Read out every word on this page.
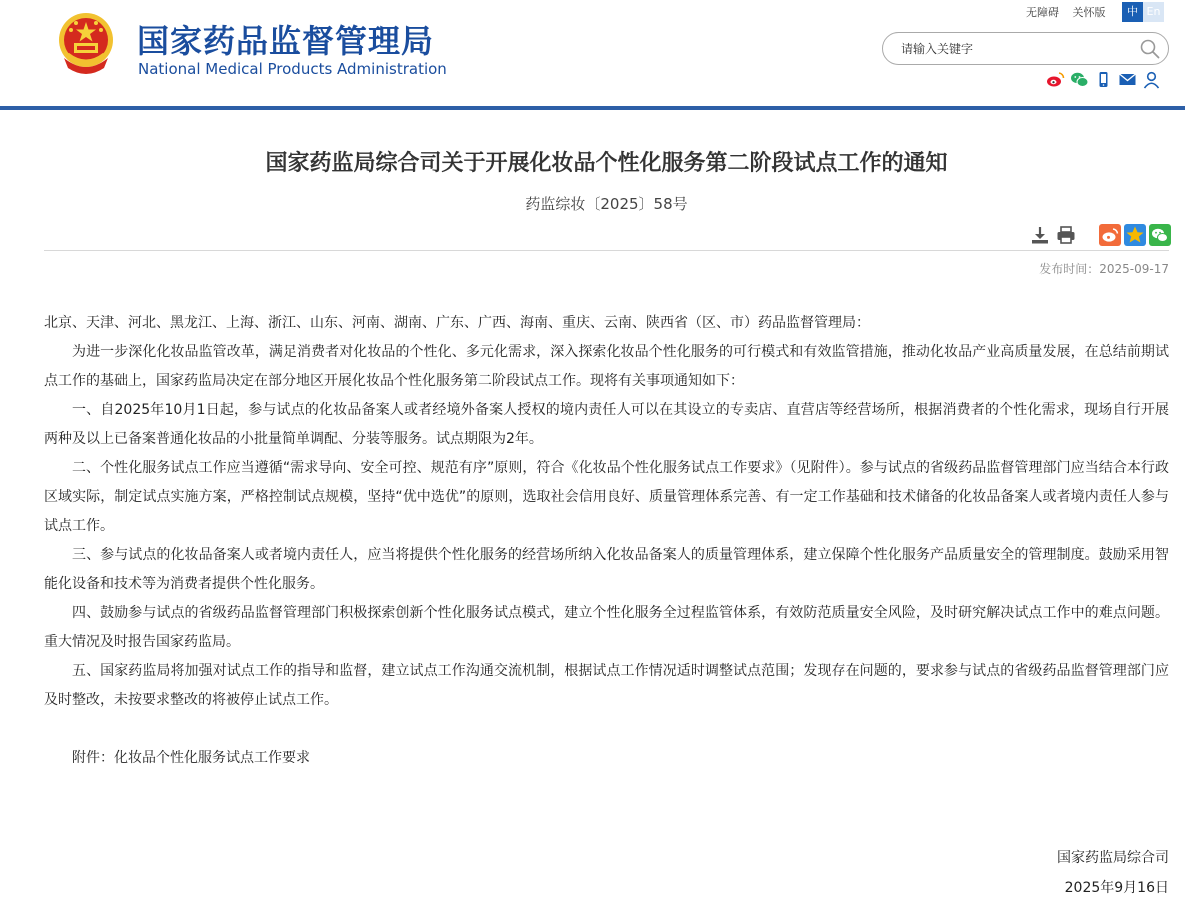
国家药品监督管理局
National Medical Products Administration
无障碍 关怀版	中 En
请输入关键字
国家药监局综合司关于开展化妆品个性化服务第二阶段试点工作的通知
药监综妆〔2025〕58号
发布时间：2025-09-17

北京、天津、河北、黑龙江、上海、浙江、山东、河南、湖南、广东、广西、海南、重庆、云南、陕西省（区、市）药品监督管理局：

为进一步深化化妆品监管改革，满足消费者对化妆品的个性化、多元化需求，深入探索化妆品个性化服务的可行模式和有效监管措施，推动化妆品产业高质量发展，在总结前期试点工作的基础上，国家药监局决定在部分地区开展化妆品个性化服务第二阶段试点工作。现将有关事项通知如下：

一、自2025年10月1日起，参与试点的化妆品备案人或者经境外备案人授权的境内责任人可以在其设立的专卖店、直营店等经营场所，根据消费者的个性化需求，现场自行开展两种及以上已备案普通化妆品的小批量简单调配、分装等服务。试点期限为2年。

二、个性化服务试点工作应当遵循“需求导向、安全可控、规范有序”原则，符合《化妆品个性化服务试点工作要求》（见附件）。参与试点的省级药品监督管理部门应当结合本行政区域实际，制定试点实施方案，严格控制试点规模，坚持“优中选优”的原则，选取社会信用良好、质量管理体系完善、有一定工作基础和技术储备的化妆品备案人或者境内责任人参与试点工作。

三、参与试点的化妆品备案人或者境内责任人，应当将提供个性化服务的经营场所纳入化妆品备案人的质量管理体系，建立保障个性化服务产品质量安全的管理制度。鼓励采用智能化设备和技术等为消费者提供个性化服务。

四、鼓励参与试点的省级药品监督管理部门积极探索创新个性化服务试点模式，建立个性化服务全过程监管体系，有效防范质量安全风险，及时研究解决试点工作中的难点问题。重大情况及时报告国家药监局。

五、国家药监局将加强对试点工作的指导和监督，建立试点工作沟通交流机制，根据试点工作情况适时调整试点范围；发现存在问题的，要求参与试点的省级药品监督管理部门应及时整改，未按要求整改的将被停止试点工作。

附件：化妆品个性化服务试点工作要求

国家药监局综合司
2025年9月16日
